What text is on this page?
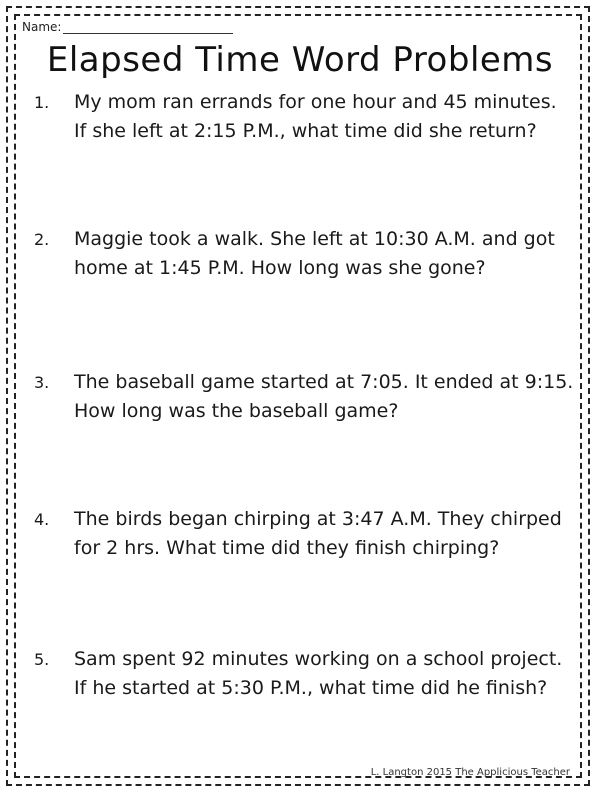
Name:
Elapsed Time Word Problems
1.	My mom ran errands for one hour and 45 minutes. If she left at 2:15 P.M., what time did she return?
2.	Maggie took a walk. She left at 10:30 A.M. and got home at 1:45 P.M. How long was she gone?
3.	The baseball game started at 7:05. It ended at 9:15. How long was the baseball game?
4.	The birds began chirping at 3:47 A.M. They chirped for 2 hrs. What time did they finish chirping?
5.	Sam spent 92 minutes working on a school project. If he started at 5:30 P.M., what time did he finish?
L. Langton 2015 The Applicious Teacher
